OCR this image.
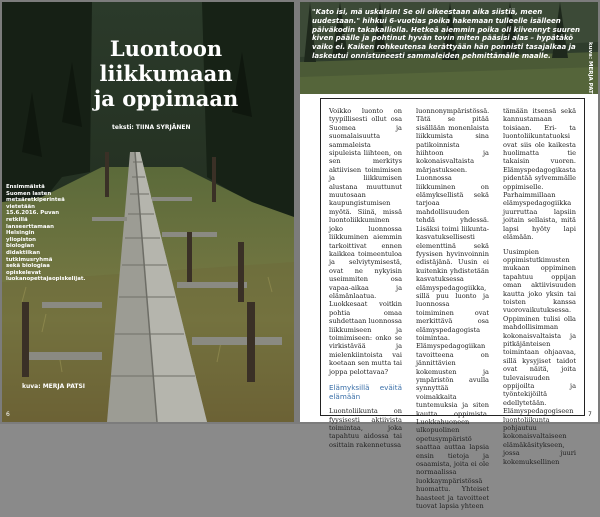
Luontoon
liikkumaan
ja oppimaan
teksti: TIINA SYRJÄNEN
Ensimmäistä Suomen lasten metsäretkiperinteä vietetään 15.6.2016. Puvan retkillä lanseerttamaan Helsingin yliopiston biologian didaktiikan tutkimusryhmä sekä biologiaa opiskelevat luokanopettajaopiskelijat.
kuva: MERJA PATSI
6
"Kato isi, mä uskalsin! Se oli oikeestaan aika siistiä, meen uudestaan." hihkui 6-vuotias poika hakemaan tulleelle isälleen päiväkodin takakalliolla. Hetkeä aiemmin poika oli kiivennyt suuren kiven päälle ja pohtinut hyvän tovin miten pääsisi alas – hypätäkö vaiko ei. Kaiken rohkeutensa kerättyään hän ponnisti tasajalkaa ja laskeutui onnistuneesti sammaleiden pehmittämälle maalle.	kuva: MERJA PATSI

Voikko luonto on tyypillisesti ollut osa Suomea ja suomalaisuutta sammaleista sipuleista liihteen, on sen merkitys aktiivisen toimimisen ja liikkumisen alustana muuttunut muutosaan kaupungistumisen myötä. Siinä, missä luontoliikkuminen joko luonnossa liikkuminen aiemmin tarkoittivat ennen kaikkea toimeentuloa ja selviytymisestä, ovat ne nykyisin useimmiten osa vapaa-aikaa ja elämänlaatua. Luokkesaat voitkin pohtia omaa suhdettaan luonnossa liikkumiseen ja toimimiseen: onko se virkistävää ja mielenkiintoista vai koetaan sen mutta tai joppa pelottavaa?

Elämyksillä eväitä elämään

Luontoliikunta on fyysisesti aktiivista toimintaa, joka tapahtuu aidossa tai osittain rakennetussa

luonnonympäristössä. Tätä se pitää sisällään monenlaista liikkumista sina patikoinnista hiihtoon ja kokonaisvaltaista märjastukseen. Luonnossa liikkuminen on elämyksellistä sekä tarjoaa mahdollisuuden tehdä yhdessä. Lisäksi toimi liikunta-kasvatuksellisesti elementtinä sekä fyysisen hyvinvoinnin edistäjänä. Uusin ei kuitenkin yhdistetään kasvatuksessa elämyspedagogiikka, sillä puu luonto ja luonnossa toimiminen ovat merkittävä osa elämyspedagogista toimintaa. Elämyspedagogiikan tavoitteena on jännittävien kokemusten ja ympäristön avulla synnyttää voimakkaita tuntemuksia ja siten kautta oppimista. Luokkahuoneen ulkopuolinen opetusympäristö saattaa auttaa lapsia ensin tietoja ja osaamista, joita ei ole normaalissa luokkaympäristössä huomattu. Yhteiset haasteet ja tavoitteet tuovat lapsia yhteen

tämään itsensä sekä kannustamaan toisiaan. Eri- ta luontoliikuntatuoksi ovat siis ole kaikesta huolimatta tie takaisin vuoren. Elämyspedagogikasta pidentää sylvemmälle oppimiselle. Parhaimmillaan elämyspedagogiikka juurruttaa lapsiin joitain sellaista, mitä lapsi hyöty lapi elämään.

Uusimpien oppimistutkimusten mukaan oppiminen tapahtuu oppijan oman aktiivisuuden kautta joko yksin tai toisten kanssa vuorovaikutuksessa. Oppiminen tulisi olla mahdollisimman kokonaisvaltaista ja pitkäjänteisen toimintaan ohjaavaa, sillä kysyjiset taidot ovat näitä, joita tulevaisuuden oppijoilta ja työntekijöiltä edellytetään. Elämyspedagogiseen luontoliikunta pohjautuu kokonaisvaltaiseen elämäkäsitykseen, jossa juuri kokemuksellinen

7
